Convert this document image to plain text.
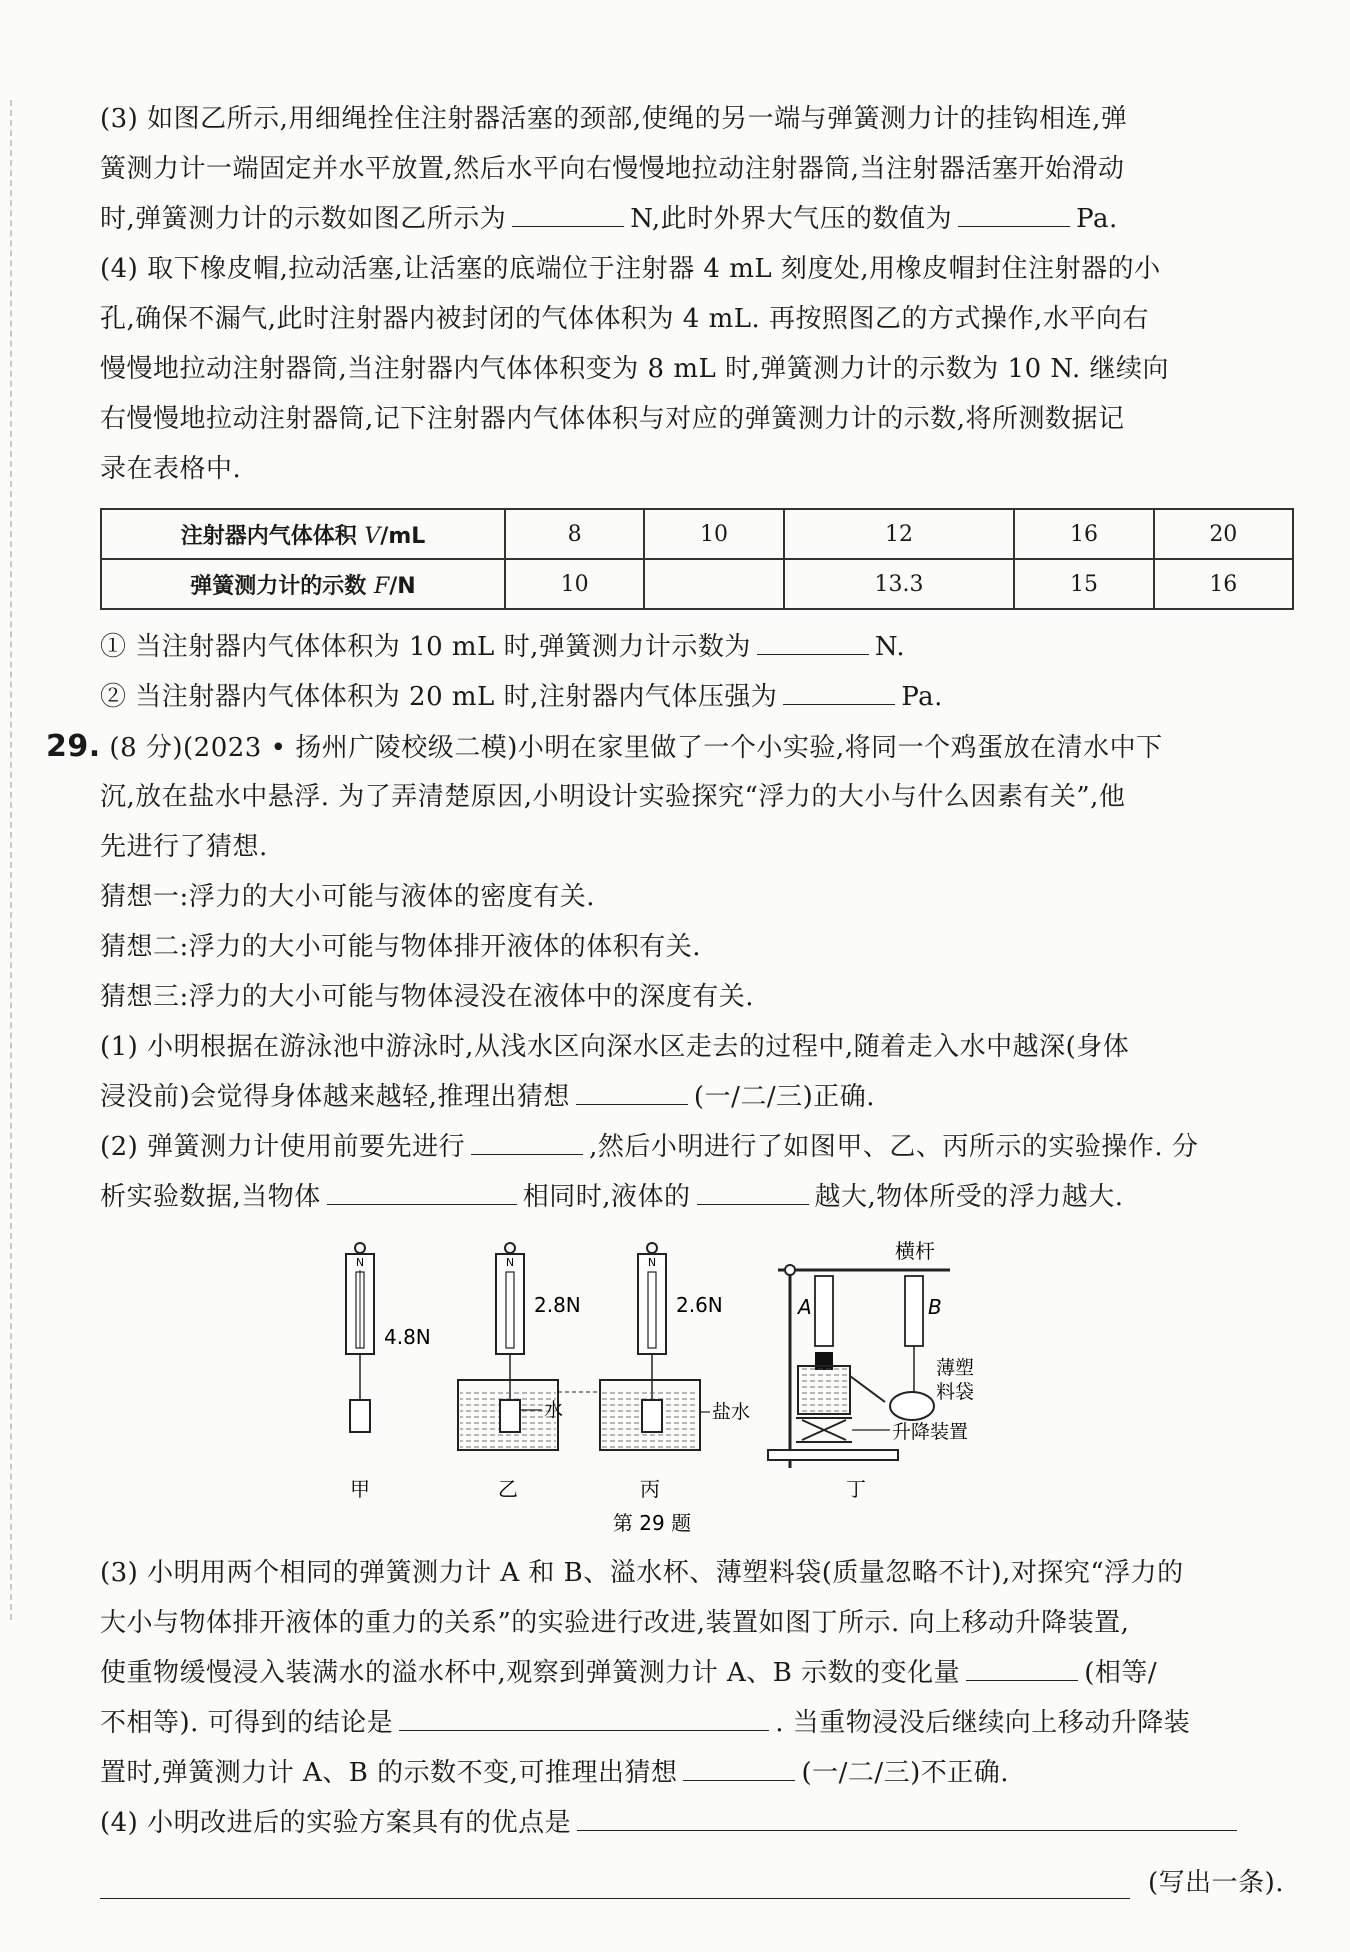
(3) 如图乙所示,用细绳拴住注射器活塞的颈部,使绳的另一端与弹簧测力计的挂钩相连,弹
簧测力计一端固定并水平放置,然后水平向右慢慢地拉动注射器筒,当注射器活塞开始滑动
时,弹簧测力计的示数如图乙所示为	N,此时外界大气压的数值为	Pa.
(4) 取下橡皮帽,拉动活塞,让活塞的底端位于注射器 4 mL 刻度处,用橡皮帽封住注射器的小
孔,确保不漏气,此时注射器内被封闭的气体体积为 4 mL. 再按照图乙的方式操作,水平向右
慢慢地拉动注射器筒,当注射器内气体体积变为 8 mL 时,弹簧测力计的示数为 10 N. 继续向
右慢慢地拉动注射器筒,记下注射器内气体体积与对应的弹簧测力计的示数,将所测数据记
录在表格中.
注射器内气体体积 V/mL	8	10	12	16	20
弹簧测力计的示数 F/N	10		13.3	15	16
① 当注射器内气体体积为 10 mL 时,弹簧测力计示数为	N.
② 当注射器内气体体积为 20 mL 时,注射器内气体压强为	Pa.
29. (8 分)(2023 • 扬州广陵校级二模)小明在家里做了一个小实验,将同一个鸡蛋放在清水中下
沉,放在盐水中悬浮. 为了弄清楚原因,小明设计实验探究“浮力的大小与什么因素有关”,他
先进行了猜想.
猜想一:浮力的大小可能与液体的密度有关.
猜想二:浮力的大小可能与物体排开液体的体积有关.
猜想三:浮力的大小可能与物体浸没在液体中的深度有关.
(1) 小明根据在游泳池中游泳时,从浅水区向深水区走去的过程中,随着走入水中越深(身体
浸没前)会觉得身体越来越轻,推理出猜想	(一/二/三)正确.
(2) 弹簧测力计使用前要先进行	,然后小明进行了如图甲、乙、丙所示的实验操作. 分
析实验数据,当物体	相同时,液体的	越大,物体所受的浮力越大.
N
4.8N
N
2.8N
水
N
2.6N
盐水
横杆
A	B
薄塑
料袋
升降装置
甲	乙	丙	丁
第 29 题
(3) 小明用两个相同的弹簧测力计 A 和 B、溢水杯、薄塑料袋(质量忽略不计),对探究“浮力的
大小与物体排开液体的重力的关系”的实验进行改进,装置如图丁所示. 向上移动升降装置,
使重物缓慢浸入装满水的溢水杯中,观察到弹簧测力计 A、B 示数的变化量	(相等/
不相等). 可得到的结论是	. 当重物浸没后继续向上移动升降装
置时,弹簧测力计 A、B 的示数不变,可推理出猜想	(一/二/三)不正确.
(4) 小明改进后的实验方案具有的优点是
(写出一条).
